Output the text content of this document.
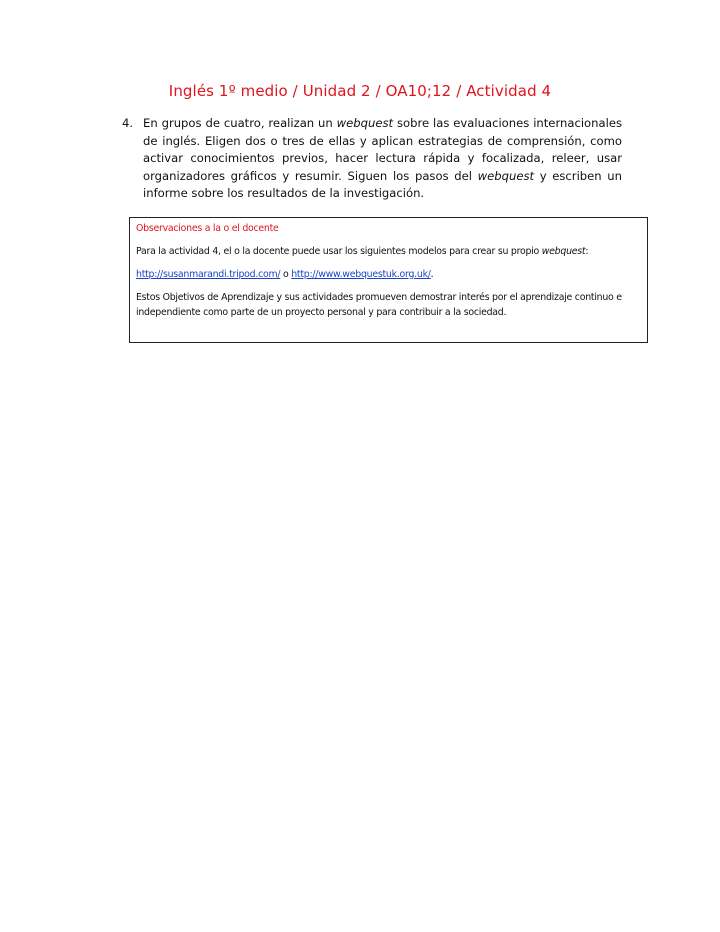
Inglés 1º medio / Unidad 2 / OA10;12 / Actividad 4
4. En grupos de cuatro, realizan un webquest sobre las evaluaciones internacionales de inglés. Eligen dos o tres de ellas y aplican estrategias de comprensión, como activar conocimientos previos, hacer lectura rápida y focalizada, releer, usar organizadores gráficos y resumir. Siguen los pasos del webquest y escriben un informe sobre los resultados de la investigación.
Observaciones a la o el docente

Para la actividad 4, el o la docente puede usar los siguientes modelos para crear su propio webquest:

http://susanmarandi.tripod.com/ o http://www.webquestuk.org.uk/.

Estos Objetivos de Aprendizaje y sus actividades promueven demostrar interés por el aprendizaje continuo e independiente como parte de un proyecto personal y para contribuir a la sociedad.
